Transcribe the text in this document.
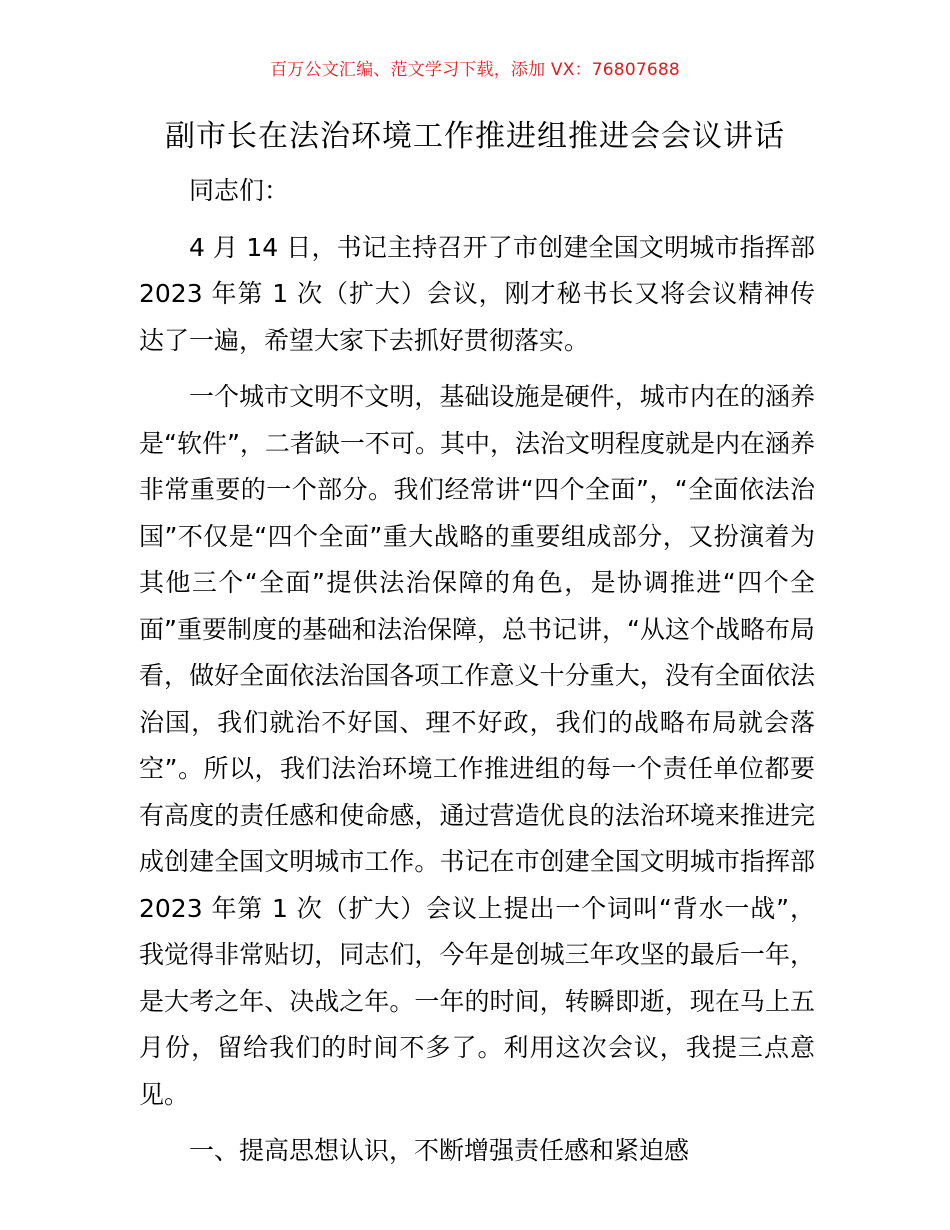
百万公文汇编、范文学习下载，添加 VX：76807688
副市长在法治环境工作推进组推进会会议讲话

同志们：

4 月 14 日，书记主持召开了市创建全国文明城市指挥部 2023 年第 1 次（扩大）会议，刚才秘书长又将会议精神传达了一遍，希望大家下去抓好贯彻落实。

一个城市文明不文明，基础设施是硬件，城市内在的涵养是“软件”，二者缺一不可。其中，法治文明程度就是内在涵养非常重要的一个部分。我们经常讲“四个全面”，“全面依法治国”不仅是“四个全面”重大战略的重要组成部分，又扮演着为其他三个“全面”提供法治保障的角色，是协调推进“四个全面”重要制度的基础和法治保障，总书记讲，“从这个战略布局看，做好全面依法治国各项工作意义十分重大，没有全面依法治国，我们就治不好国、理不好政，我们的战略布局就会落空”。所以，我们法治环境工作推进组的每一个责任单位都要有高度的责任感和使命感，通过营造优良的法治环境来推进完成创建全国文明城市工作。书记在市创建全国文明城市指挥部 2023 年第 1 次（扩大）会议上提出一个词叫“背水一战”，我觉得非常贴切，同志们，今年是创城三年攻坚的最后一年，是大考之年、决战之年。一年的时间，转瞬即逝，现在马上五月份，留给我们的时间不多了。利用这次会议，我提三点意见。

一、提高思想认识，不断增强责任感和紧迫感
